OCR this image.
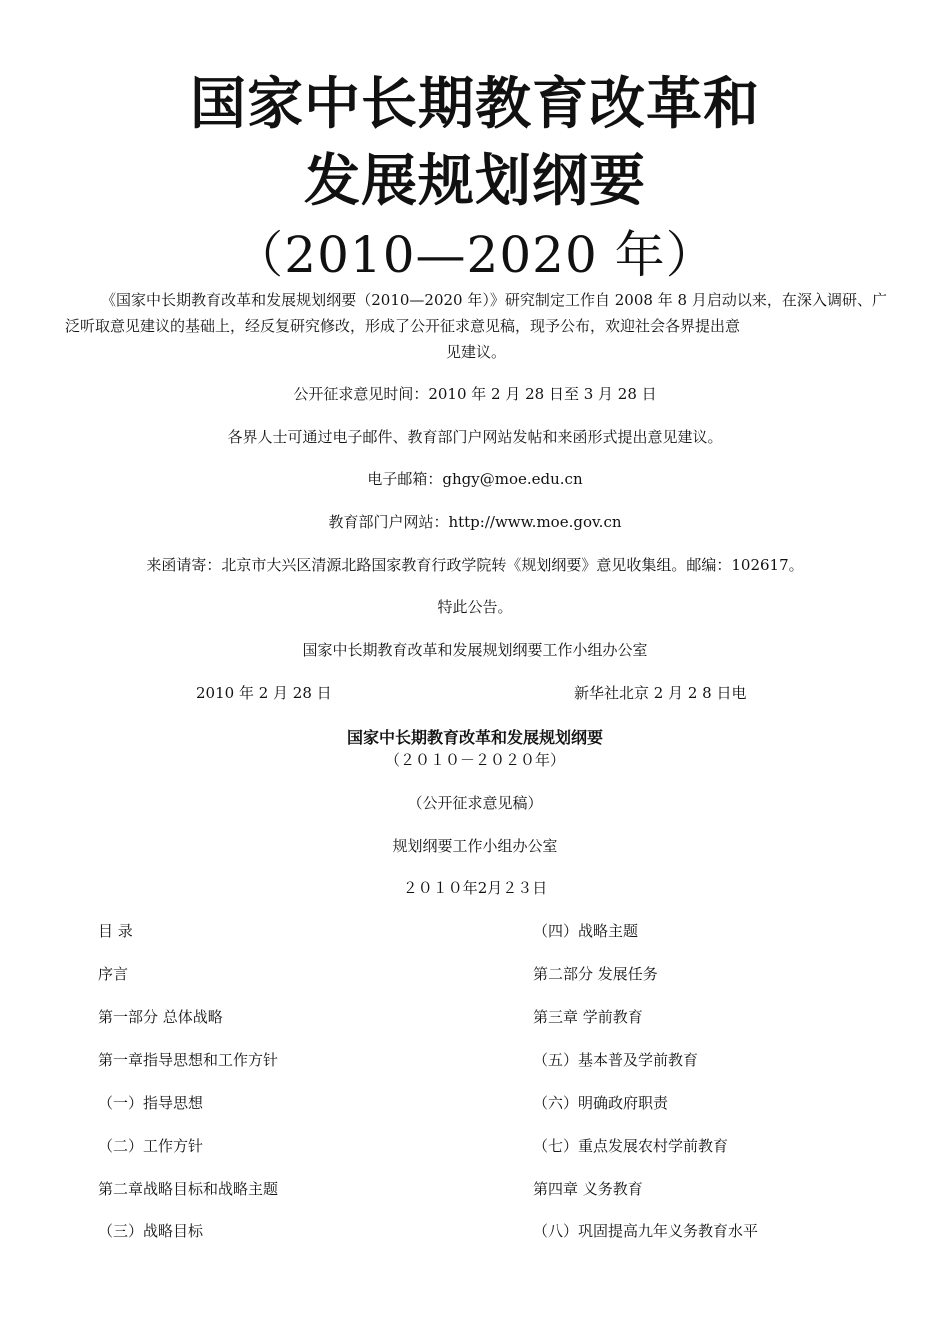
国家中长期教育改革和
发展规划纲要
（2010—2020 年）
《国家中长期教育改革和发展规划纲要（2010—2020 年）》研究制定工作自 2008 年 8 月启动以来，在深入调研、广泛听取意见建议的基础上，经反复研究修改，形成了公开征求意见稿，现予公布，欢迎社会各界提出意
见建议。
公开征求意见时间：2010 年 2 月 28 日至 3 月 28 日
各界人士可通过电子邮件、教育部门户网站发帖和来函形式提出意见建议。
电子邮箱：ghgy@moe.edu.cn
教育部门户网站：http://www.moe.gov.cn
来函请寄：北京市大兴区清源北路国家教育行政学院转《规划纲要》意见收集组。邮编：102617。
特此公告。
国家中长期教育改革和发展规划纲要工作小组办公室
2010 年 2 月 28 日	新华社北京 2 月 2 8 日电
国家中长期教育改革和发展规划纲要
（２０１０－２０２０年）
（公开征求意见稿）
规划纲要工作小组办公室
２０１０年2月２３日
目 录
序言
第一部分 总体战略
第一章指导思想和工作方针
（一）指导思想
（二）工作方针
第二章战略目标和战略主题
（三）战略目标
（四）战略主题
第二部分 发展任务
第三章 学前教育
（五）基本普及学前教育
（六）明确政府职责
（七）重点发展农村学前教育
第四章 义务教育
（八）巩固提高九年义务教育水平
